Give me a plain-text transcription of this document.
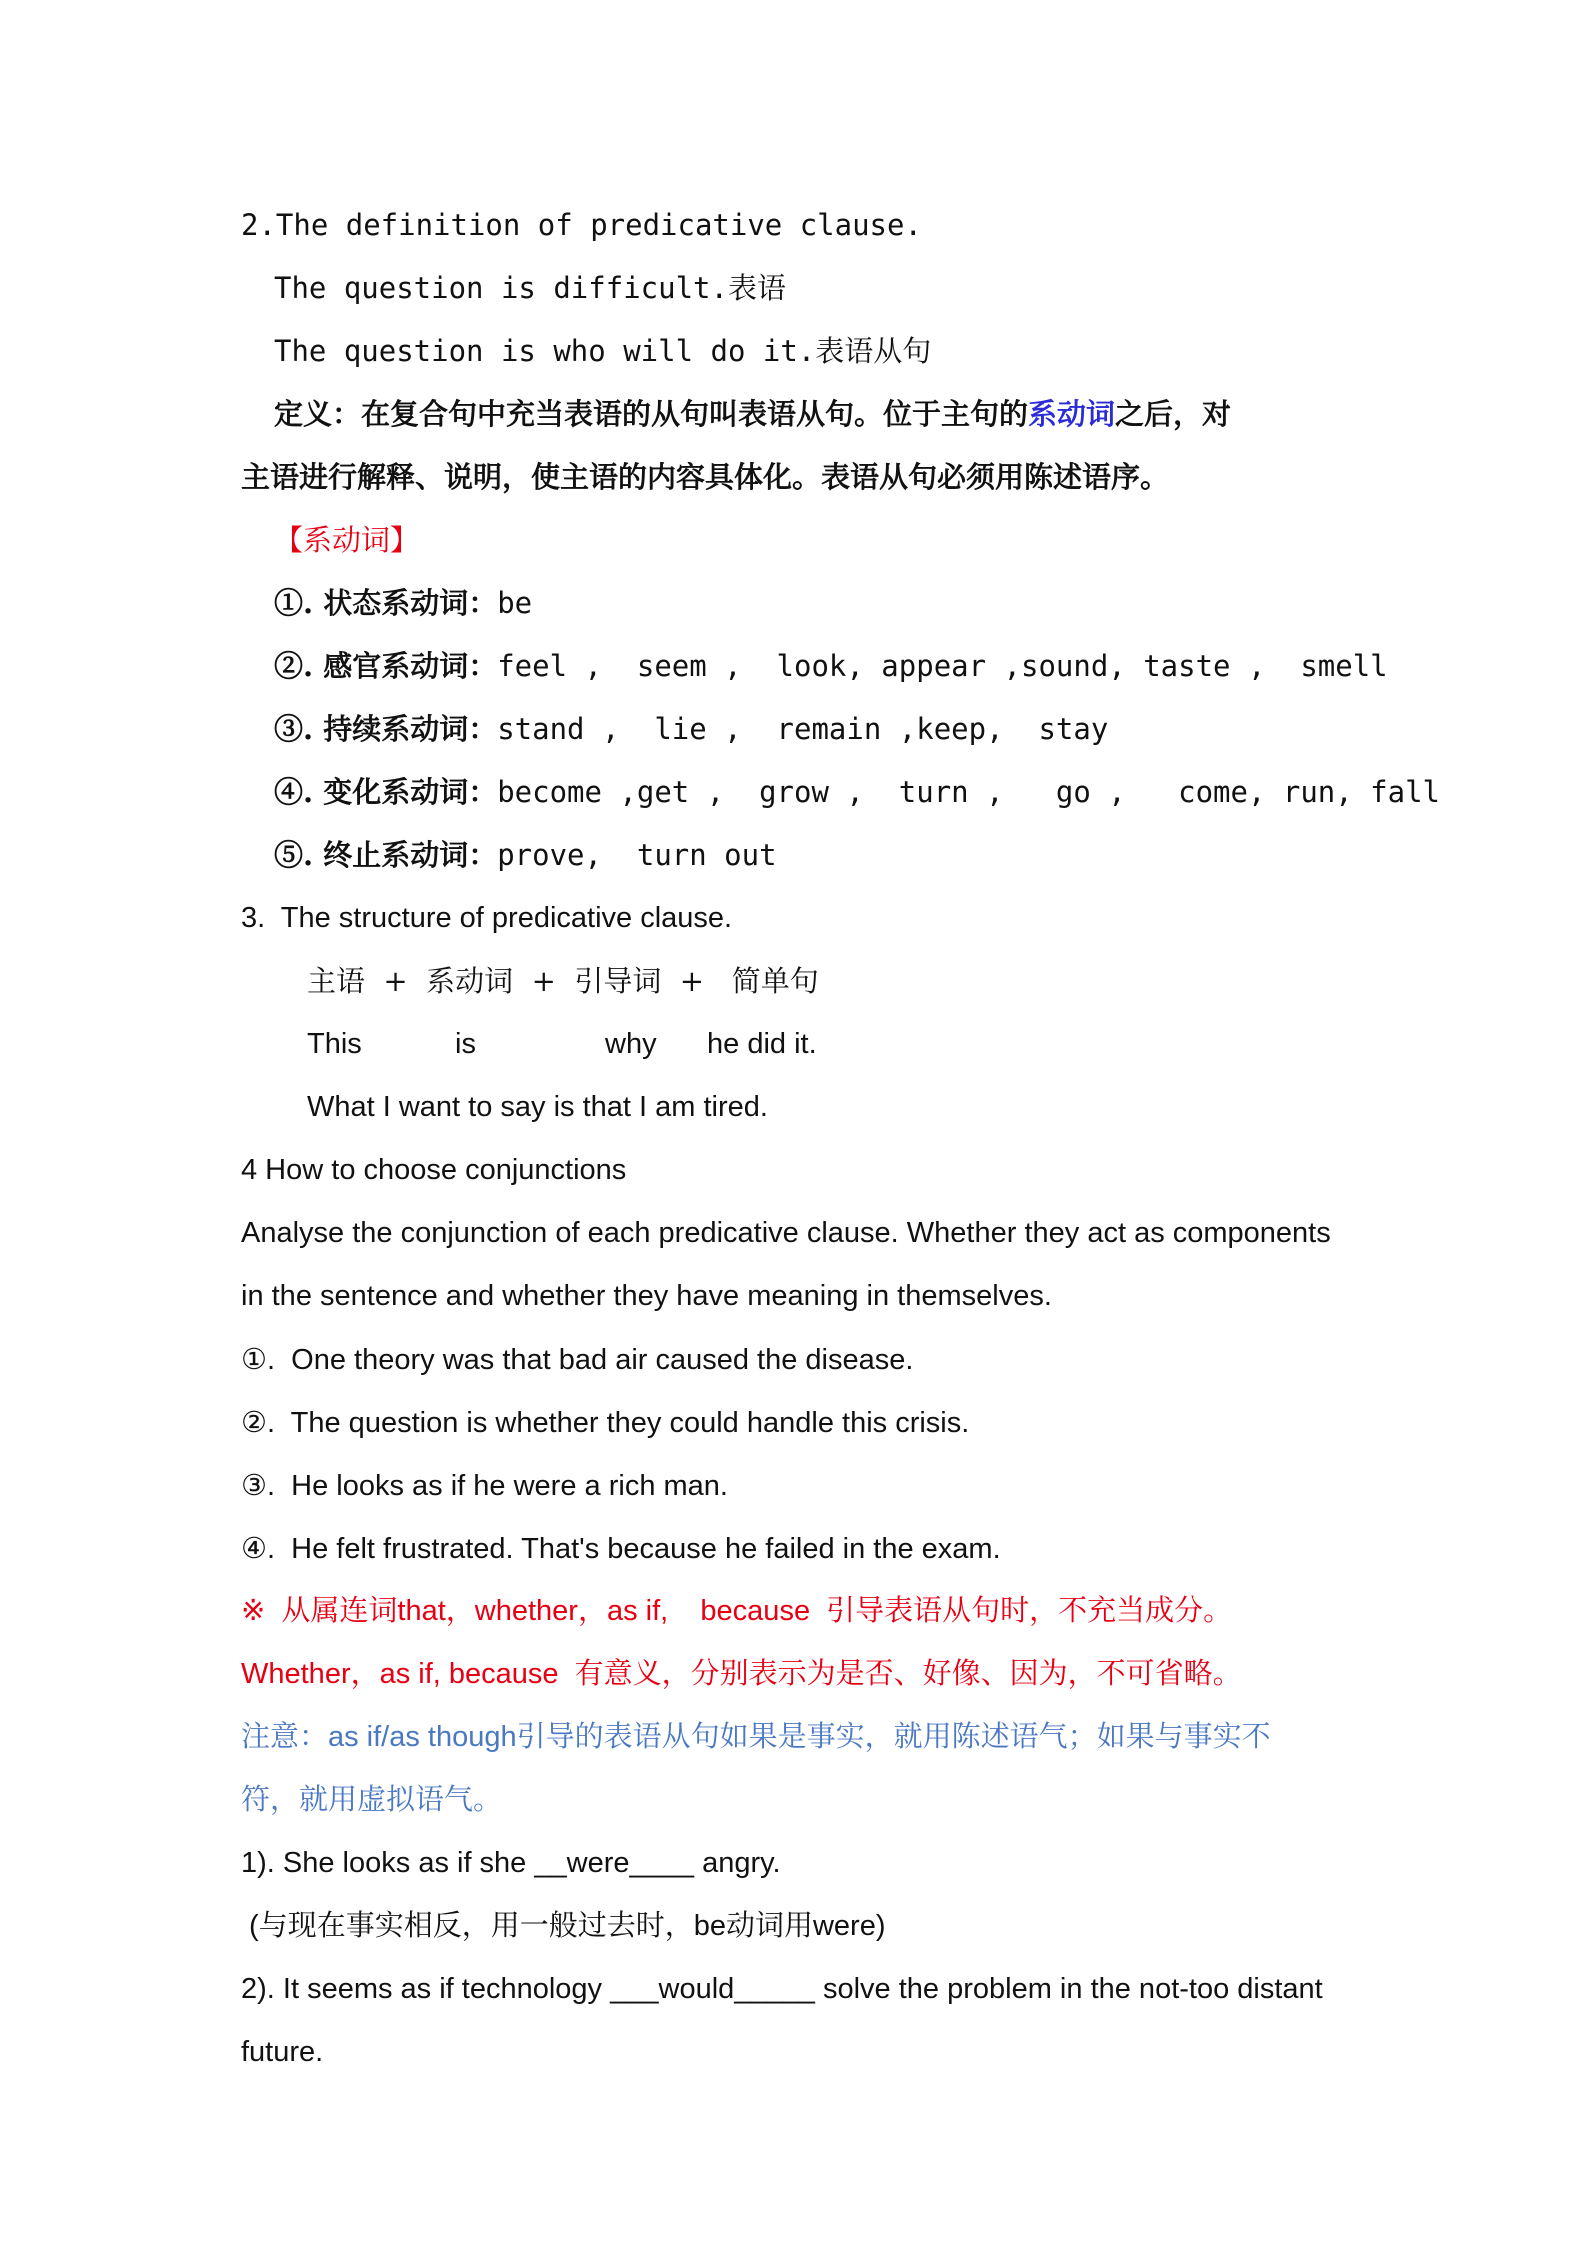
2.The definition of predicative clause.
The question is difficult.表语
The question is who will do it.表语从句
定义：在复合句中充当表语的从句叫表语从句。位于主句的系动词之后，对
主语进行解释、说明，使主语的内容具体化。表语从句必须用陈述语序。
【系动词】
①. 状态系动词：be
②. 感官系动词：feel ,  seem ,  look, appear ,sound, taste ,  smell
③. 持续系动词：stand ,  lie ,  remain ,keep,  stay
④. 变化系动词：become ,get ,  grow ,  turn ,   go ,   come, run, fall
⑤. 终止系动词：prove,  turn out
3.  The structure of predicative clause.
主语  +  系动词  +  引导词  +   简单句
This	is	why he did it.
What I want to say is that I am tired.
4 How to choose conjunctions
Analyse the conjunction of each predicative clause. Whether they act as components
in the sentence and whether they have meaning in themselves.
①.  One theory was that bad air caused the disease.
②.  The question is whether they could handle this crisis.
③.  He looks as if he were a rich man.
④.  He felt frustrated. That's because he failed in the exam.
※  从属连词that，whether，as if,    because  引导表语从句时，不充当成分。
Whether，as if, because  有意义，分别表示为是否、好像、因为，不可省略。
注意：as if/as though引导的表语从句如果是事实，就用陈述语气；如果与事实不
符，就用虚拟语气。
1). She looks as if she __were____ angry.
(与现在事实相反，用一般过去时，be动词用were)
2). It seems as if technology ___would_____ solve the problem in the not-too distant
future.
